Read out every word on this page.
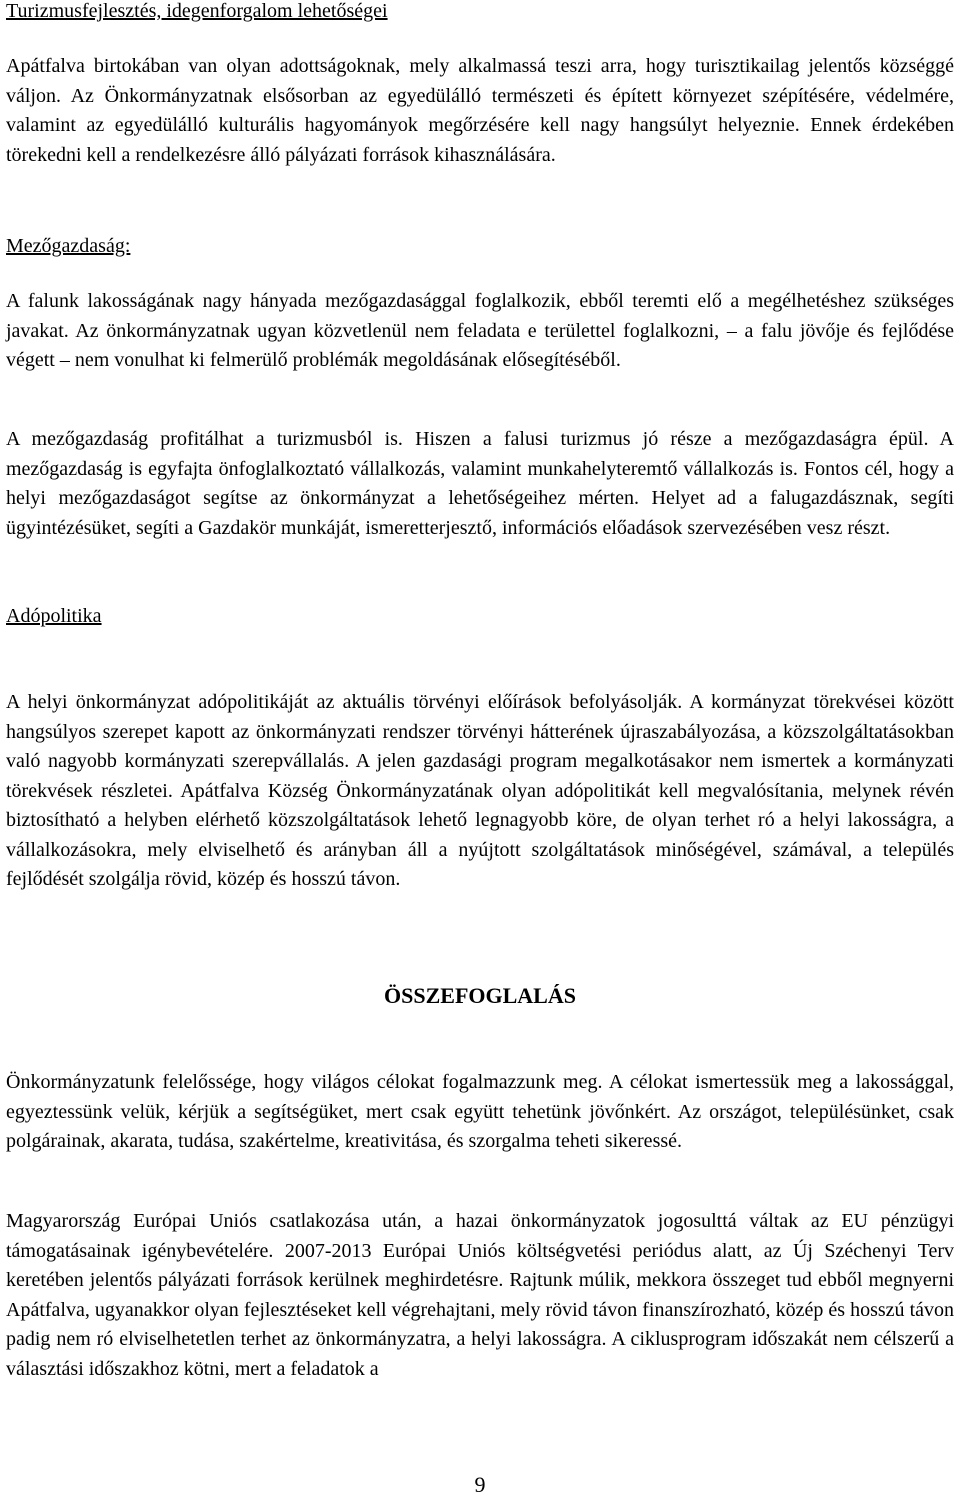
Turizmusfejlesztés, idegenforgalom lehetőségei

Apátfalva birtokában van olyan adottságoknak, mely alkalmassá teszi arra, hogy turisztikailag jelentős községgé váljon. Az Önkormányzatnak elsősorban az egyedülálló természeti és épített környezet szépítésére, védelmére, valamint az egyedülálló kulturális hagyományok megőrzésére kell nagy hangsúlyt helyeznie. Ennek érdekében törekedni kell a rendelkezésre álló pályázati források kihasználására.

Mezőgazdaság:

A falunk lakosságának nagy hányada mezőgazdasággal foglalkozik, ebből teremti elő a megélhetéshez szükséges javakat. Az önkormányzatnak ugyan közvetlenül nem feladata e területtel foglalkozni, – a falu jövője és fejlődése végett – nem vonulhat ki felmerülő problémák megoldásának elősegítéséből.

A mezőgazdaság profitálhat a turizmusból is. Hiszen a falusi turizmus jó része a mezőgazdaságra épül. A mezőgazdaság is egyfajta önfoglalkoztató vállalkozás, valamint munkahelyteremtő vállalkozás is. Fontos cél, hogy a helyi mezőgazdaságot segítse az önkormányzat a lehetőségeihez mérten. Helyet ad a falugazdásznak, segíti ügyintézésüket, segíti a Gazdakör munkáját, ismeretterjesztő, információs előadások szervezésében vesz részt.

Adópolitika

A helyi önkormányzat adópolitikáját az aktuális törvényi előírások befolyásolják. A kormányzat törekvései között hangsúlyos szerepet kapott az önkormányzati rendszer törvényi hátterének újraszabályozása, a közszolgáltatásokban való nagyobb kormányzati szerepvállalás. A jelen gazdasági program megalkotásakor nem ismertek a kormányzati törekvések részletei. Apátfalva Község Önkormányzatának olyan adópolitikát kell megvalósítania, melynek révén biztosítható a helyben elérhető közszolgáltatások lehető legnagyobb köre, de olyan terhet ró a helyi lakosságra, a vállalkozásokra, mely elviselhető és arányban áll a nyújtott szolgáltatások minőségével, számával, a település fejlődését szolgálja rövid, közép és hosszú távon.

ÖSSZEFOGLALÁS

Önkormányzatunk felelőssége, hogy világos célokat fogalmazzunk meg. A célokat ismertessük meg a lakossággal, egyeztessünk velük, kérjük a segítségüket, mert csak együtt tehetünk jövőnkért. Az országot, településünket, csak polgárainak, akarata, tudása, szakértelme, kreativitása, és szorgalma teheti sikeressé.

Magyarország Európai Uniós csatlakozása után, a hazai önkormányzatok jogosulttá váltak az EU pénzügyi támogatásainak igénybevételére. 2007-2013 Európai Uniós költségvetési periódus alatt, az Új Széchenyi Terv keretében jelentős pályázati források kerülnek meghirdetésre. Rajtunk múlik, mekkora összeget tud ebből megnyerni Apátfalva, ugyanakkor olyan fejlesztéseket kell végrehajtani, mely rövid távon finanszírozható, közép és hosszú távon padig nem ró elviselhetetlen terhet az önkormányzatra, a helyi lakosságra. A ciklusprogram időszakát nem célszerű a választási időszakhoz kötni, mert a feladatok a

9
